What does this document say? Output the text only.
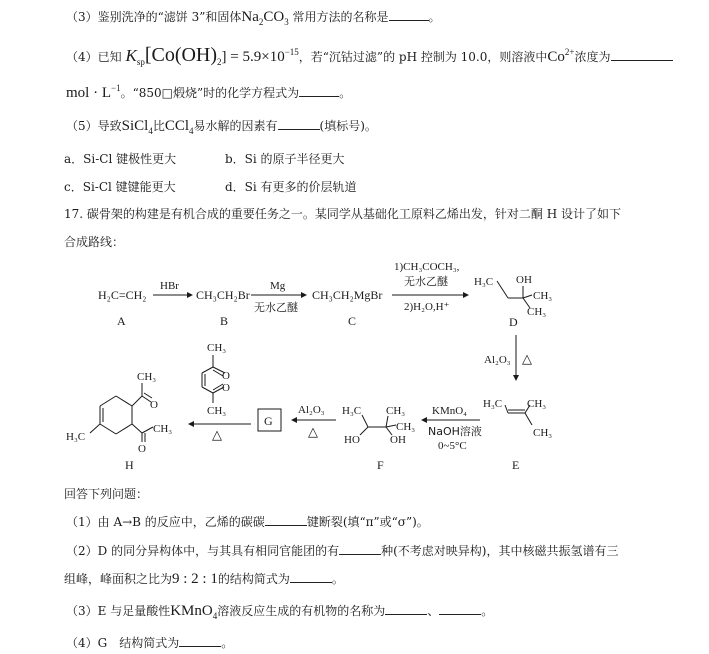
（3）鉴别洗净的“滤饼 3”和固体$Na_2CO_3$ 常用方法的名称是	。
（4）已知 $K_{sp}[Co(OH)_2] = 5.9\times 10^{-15}$，若“沉钴过滤”的 pH 控制为 10.0，则溶液中$Co^{2+}$浓度为
mol · $L^{-1}$。“850□煅烧”时的化学方程式为	。
（5）导致SiCl$_4$比CCl$_4$易水解的因素有	(填标号)。
a．Si-Cl 键极性更大	b．Si 的原子半径更大
c．Si-Cl 键键能更大	d．Si 有更多的价层轨道
17. 碳骨架的构建是有机合成的重要任务之一。某同学从基础化工原料乙烯出发，针对二酮 H 设计了如下
合成路线：
H₂C=CH₂
A
HBr
CH₃CH₂Br
B
Mg
无水乙醚
CH₃CH₂MgBr
C
1)CH₃COCH₃,
无水乙醚
2)H₂O,H⁺
H₃C OH
CH₃
CH₃
D
Al₂O₃ △
H₃C CH₃
CH₃
E
KMnO₄
NaOH溶液
0~5°C
H₃C CH₃
CH₃
HO	OH
F
Al₂O₃
△
G
CH₃
O
O
CH₃
△
H₃C
CH₃
O
CH₃
O
H
回答下列问题：
（1）由 A→B 的反应中，乙烯的碳碳	键断裂(填“π”或“σ”)。
（2）D 的同分异构体中，与其具有相同官能团的有	种(不考虑对映异构)，其中核磁共振氢谱有三
组峰，峰面积之比为9 : 2 : 1的结构简式为	。
（3）E 与足量酸性KMnO$_4$溶液反应生成的有机物的名称为	、	。
（4）G　结构简式为	。
